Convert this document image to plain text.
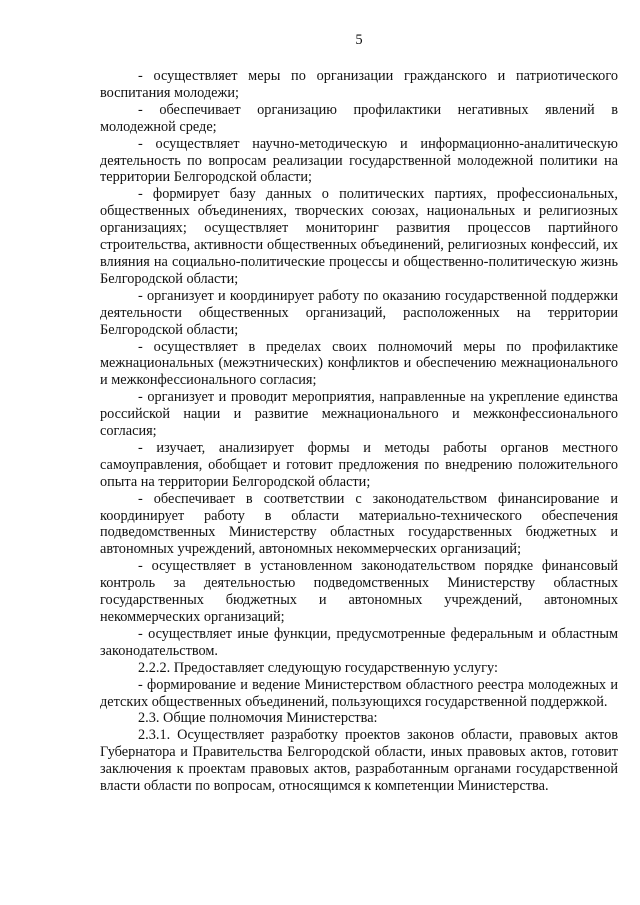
5

- осуществляет меры по организации гражданского и патриотического воспитания молодежи;

- обеспечивает организацию профилактики негативных явлений в молодежной среде;

- осуществляет научно-методическую и информационно-аналитическую деятельность по вопросам реализации государственной молодежной политики на территории Белгородской области;

- формирует базу данных о политических партиях, профессиональных, общественных объединениях, творческих союзах, национальных и религиозных организациях; осуществляет мониторинг развития процессов партийного строительства, активности общественных объединений, религиозных конфессий, их влияния на социально-политические процессы и общественно-политическую жизнь Белгородской области;

- организует и координирует работу по оказанию государственной поддержки деятельности общественных организаций, расположенных на территории Белгородской области;

- осуществляет в пределах своих полномочий меры по профилактике межнациональных (межэтнических) конфликтов и обеспечению межнационального и межконфессионального согласия;

- организует и проводит мероприятия, направленные на укрепление единства российской нации и развитие межнационального и межконфессионального согласия;

- изучает, анализирует формы и методы работы органов местного самоуправления, обобщает и готовит предложения по внедрению положительного опыта на территории Белгородской области;

- обеспечивает в соответствии с законодательством финансирование и координирует работу в области материально-технического обеспечения подведомственных Министерству областных государственных бюджетных и автономных учреждений, автономных некоммерческих организаций;

- осуществляет в установленном законодательством порядке финансовый контроль за деятельностью подведомственных Министерству областных государственных бюджетных и автономных учреждений, автономных некоммерческих организаций;

- осуществляет иные функции, предусмотренные федеральным и областным законодательством.

2.2.2. Предоставляет следующую государственную услугу:

- формирование и ведение Министерством областного реестра молодежных и детских общественных объединений, пользующихся государственной поддержкой.

2.3. Общие полномочия Министерства:

2.3.1. Осуществляет разработку проектов законов области, правовых актов Губернатора и Правительства Белгородской области, иных правовых актов, готовит заключения к проектам правовых актов, разработанным органами государственной власти области по вопросам, относящимся к компетенции Министерства.
